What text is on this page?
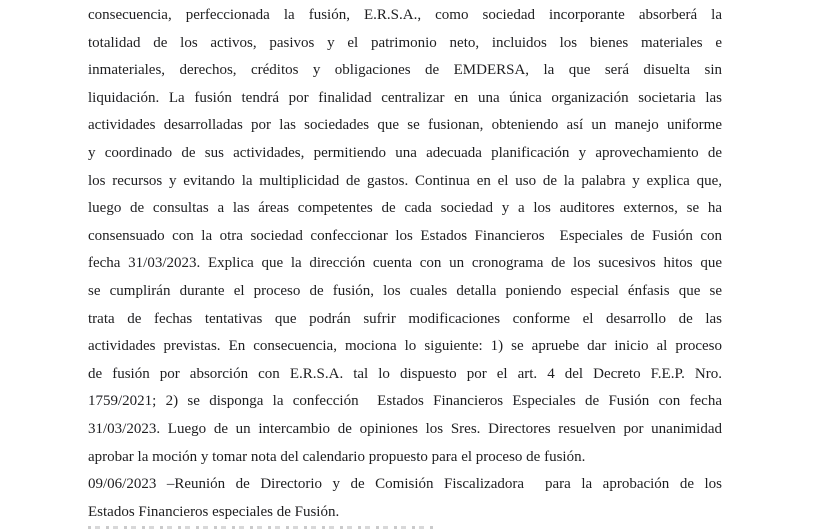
consecuencia, perfeccionada la fusión, E.R.S.A., como sociedad incorporante absorberá la
totalidad de los activos, pasivos y el patrimonio neto, incluidos los bienes materiales e
inmateriales, derechos, créditos y obligaciones de EMDERSA, la que será disuelta sin
liquidación. La fusión tendrá por finalidad centralizar en una única organización societaria las
actividades desarrolladas por las sociedades que se fusionan, obteniendo así un manejo uniforme
y coordinado de sus actividades, permitiendo una adecuada planificación y aprovechamiento de
los recursos y evitando la multiplicidad de gastos. Continua en el uso de la palabra y explica que,
luego de consultas a las áreas competentes de cada sociedad y a los auditores externos, se ha
consensuado con la otra sociedad confeccionar los Estados Financieros  Especiales de Fusión con
fecha 31/03/2023. Explica que la dirección cuenta con un cronograma de los sucesivos hitos que
se cumplirán durante el proceso de fusión, los cuales detalla poniendo especial énfasis que se
trata de fechas tentativas que podrán sufrir modificaciones conforme el desarrollo de las
actividades previstas. En consecuencia, mociona lo siguiente: 1) se apruebe dar inicio al proceso
de fusión por absorción con E.R.S.A. tal lo dispuesto por el art. 4 del Decreto F.E.P. Nro.
1759/2021; 2) se disponga la confección  Estados Financieros Especiales de Fusión con fecha
31/03/2023. Luego de un intercambio de opiniones los Sres. Directores resuelven por unanimidad
aprobar la moción y tomar nota del calendario propuesto para el proceso de fusión.
09/06/2023 –Reunión de Directorio y de Comisión Fiscalizadora  para la aprobación de los
Estados Financieros especiales de Fusión.
